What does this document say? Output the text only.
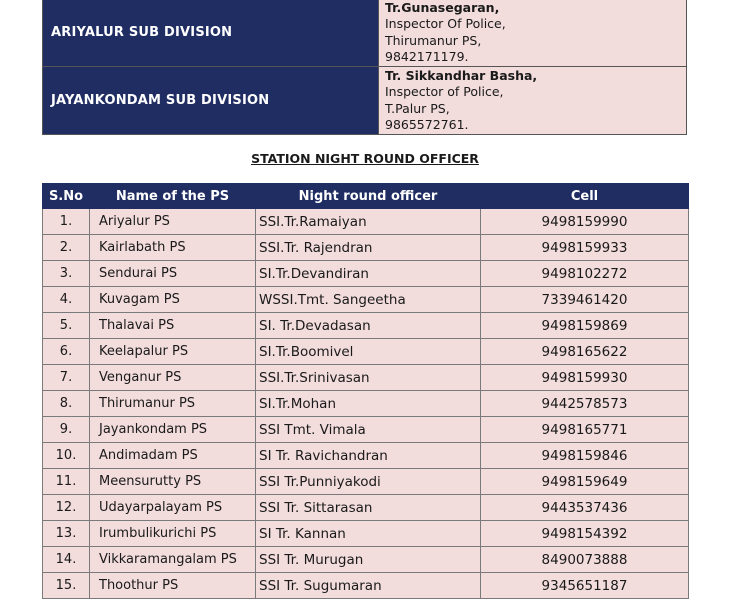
ARIYALUR SUB DIVISION	Tr.Gunasegaran,
Inspector Of Police,
Thirumanur PS,
9842171179.

JAYANKONDAM SUB DIVISION	Tr. Sikkandhar Basha,
Inspector of Police,
T.Palur PS,
9865572761.
STATION NIGHT ROUND OFFICER
S.No	Name of the PS	Night round officer	Cell
1.	Ariyalur PS	SSI.Tr.Ramaiyan	9498159990
2.	Kairlabath PS	SSI.Tr. Rajendran	9498159933
3.	Sendurai PS	SI.Tr.Devandiran	9498102272
4.	Kuvagam PS	WSSI.Tmt. Sangeetha	7339461420
5.	Thalavai PS	SI. Tr.Devadasan	9498159869
6.	Keelapalur PS	SI.Tr.Boomivel	9498165622
7.	Venganur PS	SSI.Tr.Srinivasan	9498159930
8.	Thirumanur PS	SI.Tr.Mohan	9442578573
9.	Jayankondam PS	SSI Tmt. Vimala	9498165771
10.	Andimadam PS	SI Tr. Ravichandran	9498159846
11.	Meensurutty PS	SSI Tr.Punniyakodi	9498159649
12.	Udayarpalayam PS	SSI Tr. Sittarasan	9443537436
13.	Irumbulikurichi PS	SI Tr. Kannan	9498154392
14.	Vikkaramangalam PS	SSI Tr. Murugan	8490073888
15.	Thoothur PS	SSI Tr. Sugumaran	9345651187
